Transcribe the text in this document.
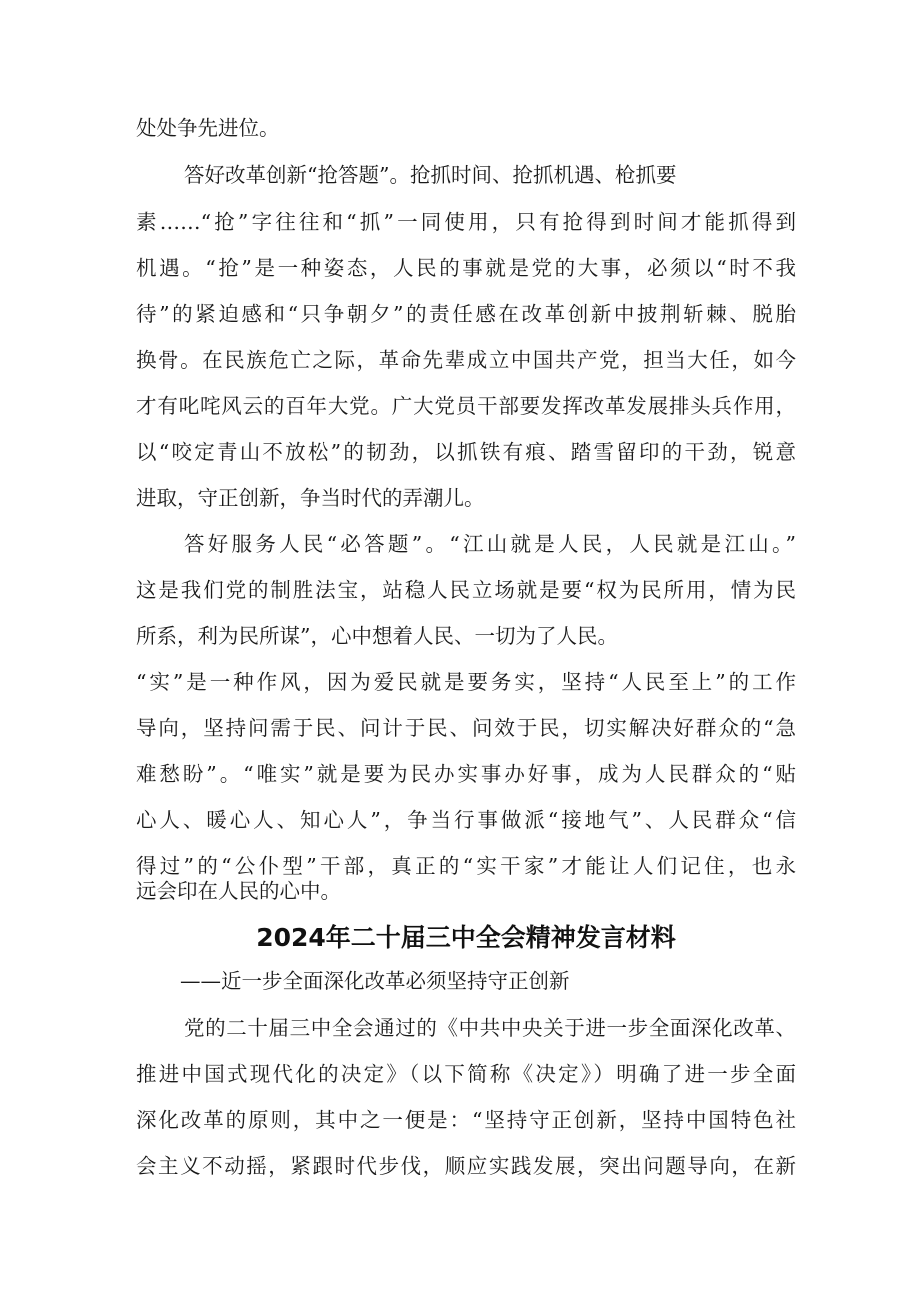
处处争先进位。

答好改革创新“抢答题”。抢抓时间、抢抓机遇、枪抓要

素……“抢”字往往和“抓”一同使用，只有抢得到时间才能抓得到

机遇。“抢”是一种姿态，人民的事就是党的大事，必须以“时不我

待”的紧迫感和“只争朝夕”的责任感在改革创新中披荆斩棘、脱胎

换骨。在民族危亡之际，革命先辈成立中国共产党，担当大任，如今

才有叱咤风云的百年大党。广大党员干部要发挥改革发展排头兵作用，

以“咬定青山不放松”的韧劲，以抓铁有痕、踏雪留印的干劲，锐意

进取，守正创新，争当时代的弄潮儿。

答好服务人民“必答题”。“江山就是人民，人民就是江山。”

这是我们党的制胜法宝，站稳人民立场就是要“权为民所用，情为民

所系，利为民所谋”，心中想着人民、一切为了人民。

“实”是一种作风，因为爱民就是要务实，坚持“人民至上”的工作

导向，坚持问需于民、问计于民、问效于民，切实解决好群众的“急

难愁盼”。“唯实”就是要为民办实事办好事，成为人民群众的“贴

心人、暖心人、知心人”，争当行事做派“接地气”、人民群众“信

得过”的“公仆型”干部，真正的“实干家”才能让人们记住，也永

远会印在人民的心中。

2024年二十届三中全会精神发言材料

——近一步全面深化改革必须坚持守正创新

党的二十届三中全会通过的《中共中央关于进一步全面深化改革、

推进中国式现代化的决定》（以下简称《决定》）明确了进一步全面

深化改革的原则，其中之一便是：“坚持守正创新，坚持中国特色社

会主义不动摇，紧跟时代步伐，顺应实践发展，突出问题导向，在新
